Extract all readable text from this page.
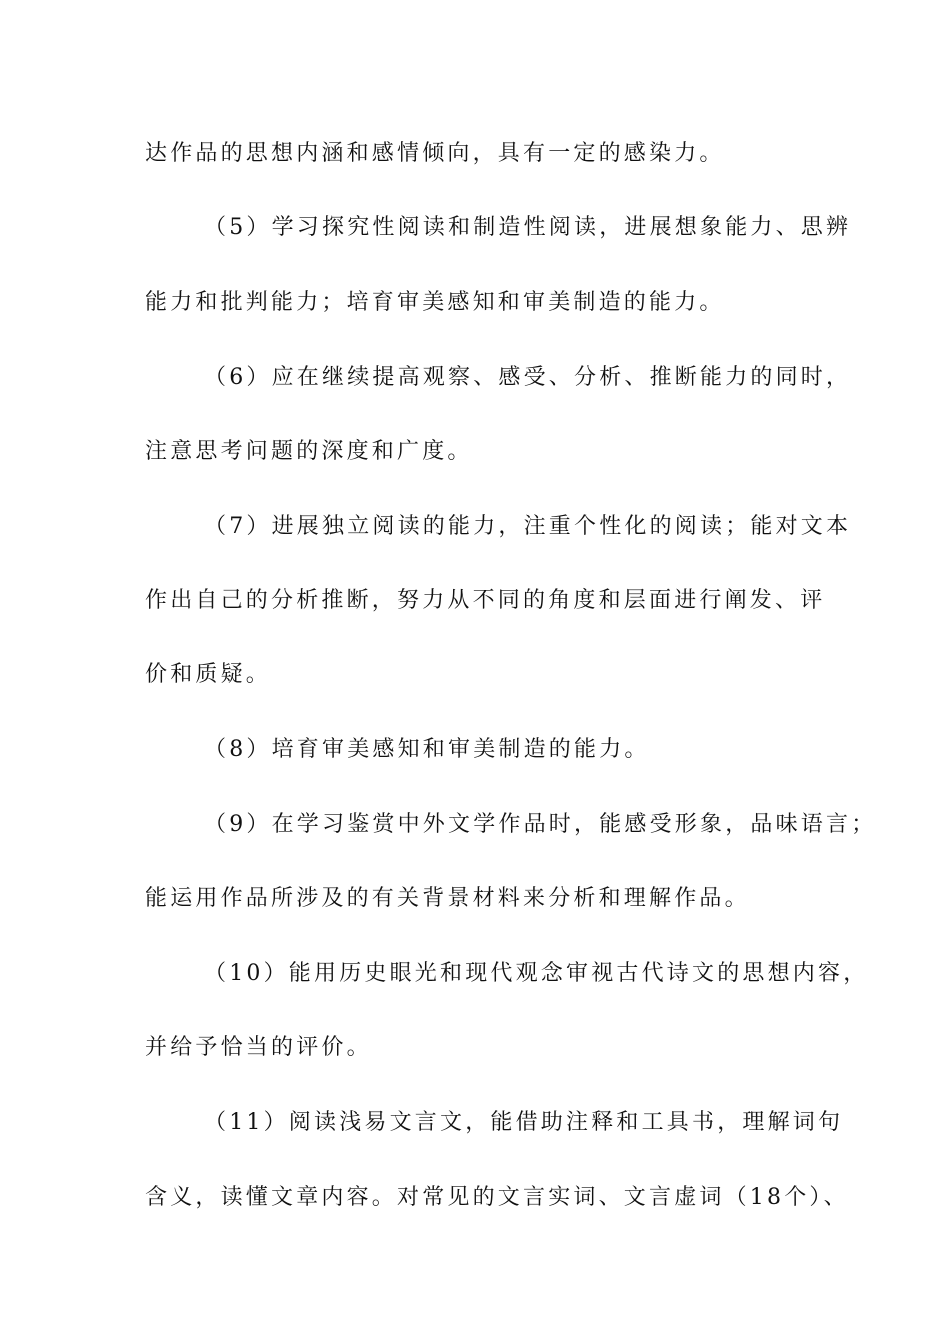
达作品的思想内涵和感情倾向，具有一定的感染力。
（5）学习探究性阅读和制造性阅读，进展想象能力、思辨
能力和批判能力；培育审美感知和审美制造的能力。
（6）应在继续提高观察、感受、分析、推断能力的同时，
注意思考问题的深度和广度。
（7）进展独立阅读的能力，注重个性化的阅读；能对文本
作出自己的分析推断，努力从不同的角度和层面进行阐发、评
价和质疑。
（8）培育审美感知和审美制造的能力。
（9）在学习鉴赏中外文学作品时，能感受形象，品味语言；
能运用作品所涉及的有关背景材料来分析和理解作品。
（10）能用历史眼光和现代观念审视古代诗文的思想内容，
并给予恰当的评价。
（11）阅读浅易文言文，能借助注释和工具书，理解词句
含义，读懂文章内容。对常见的文言实词、文言虚词（18个）、
